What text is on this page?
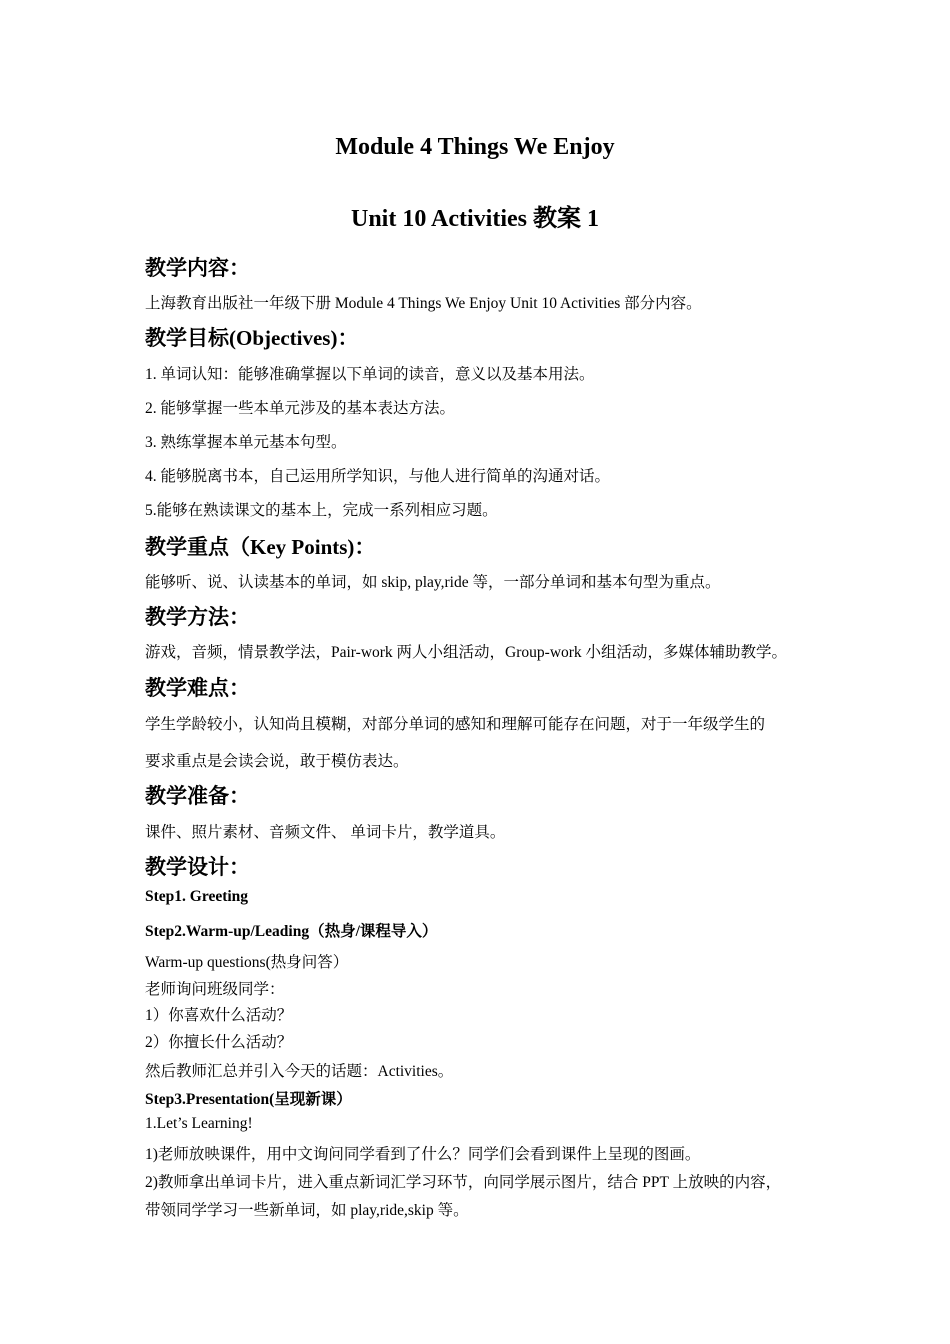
Module 4 Things We Enjoy
Unit 10 Activities 教案 1
教学内容：
上海教育出版社一年级下册 Module 4 Things We Enjoy Unit 10 Activities 部分内容。
教学目标(Objectives)：
1. 单词认知：能够准确掌握以下单词的读音，意义以及基本用法。
2. 能够掌握一些本单元涉及的基本表达方法。
3. 熟练掌握本单元基本句型。
4. 能够脱离书本，自己运用所学知识，与他人进行简单的沟通对话。
5.能够在熟读课文的基本上，完成一系列相应习题。
教学重点（Key Points)：
能够听、说、认读基本的单词，如 skip, play,ride 等，一部分单词和基本句型为重点。
教学方法：
游戏，音频，情景教学法，Pair-work 两人小组活动，Group-work 小组活动，多媒体辅助教学。
教学难点：
学生学龄较小，认知尚且模糊，对部分单词的感知和理解可能存在问题，对于一年级学生的
要求重点是会读会说，敢于模仿表达。
教学准备：
课件、照片素材、音频文件、 单词卡片，教学道具。
教学设计：
Step1. Greeting
Step2.Warm-up/Leading（热身/课程导入）
Warm-up questions(热身问答）
老师询问班级同学：
1）你喜欢什么活动？
2）你擅长什么活动？
然后教师汇总并引入今天的话题：Activities。
Step3.Presentation(呈现新课）
1.Let’s Learning!
1)老师放映课件，用中文询问同学看到了什么？同学们会看到课件上呈现的图画。
2)教师拿出单词卡片，进入重点新词汇学习环节，向同学展示图片，结合 PPT 上放映的内容，
带领同学学习一些新单词，如 play,ride,skip 等。
